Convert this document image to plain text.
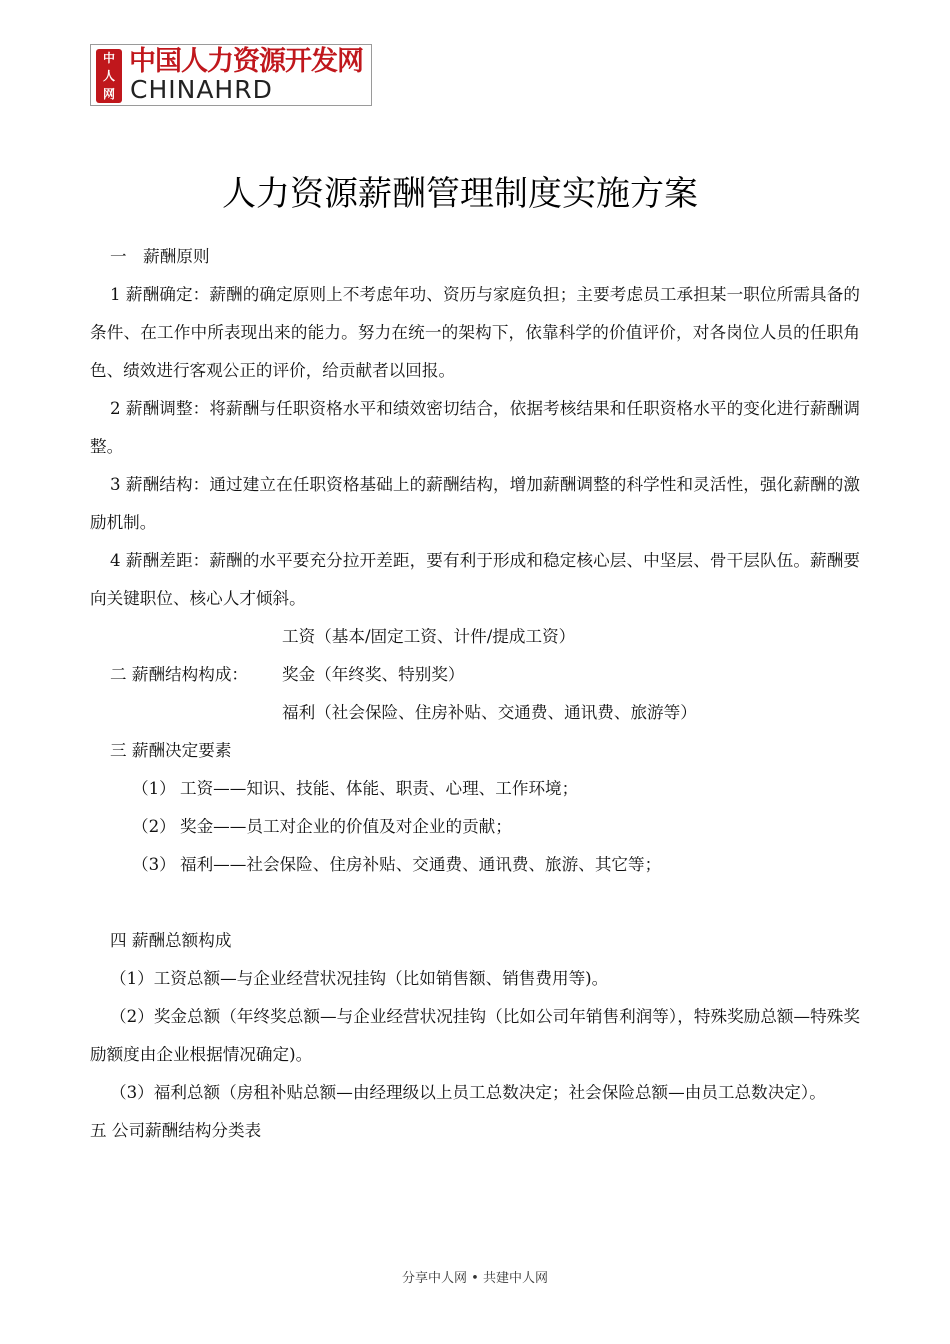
中
人
网
中国人力资源开发网
CHINAHRD
人力资源薪酬管理制度实施方案

一　薪酬原则

1 薪酬确定：薪酬的确定原则上不考虑年功、资历与家庭负担；主要考虑员工承担某一职位所需具备的条件、在工作中所表现出来的能力。努力在统一的架构下，依靠科学的价值评价，对各岗位人员的任职角色、绩效进行客观公正的评价，给贡献者以回报。

2 薪酬调整：将薪酬与任职资格水平和绩效密切结合，依据考核结果和任职资格水平的变化进行薪酬调整。

3 薪酬结构：通过建立在任职资格基础上的薪酬结构，增加薪酬调整的科学性和灵活性，强化薪酬的激励机制。

4 薪酬差距：薪酬的水平要充分拉开差距，要有利于形成和稳定核心层、中坚层、骨干层队伍。薪酬要向关键职位、核心人才倾斜。

二 薪酬结构构成：
工资（基本/固定工资、计件/提成工资）
奖金（年终奖、特别奖）
福利（社会保险、住房补贴、交通费、通讯费、旅游等）

三 薪酬决定要素

（1） 工资——知识、技能、体能、职责、心理、工作环境；
（2） 奖金——员工对企业的价值及对企业的贡献；
（3） 福利——社会保险、住房补贴、交通费、通讯费、旅游、其它等；

四 薪酬总额构成

（1）工资总额—与企业经营状况挂钩（比如销售额、销售费用等)。

（2）奖金总额（年终奖总额—与企业经营状况挂钩（比如公司年销售利润等），特殊奖励总额—特殊奖励额度由企业根据情况确定)。

（3）福利总额（房租补贴总额—由经理级以上员工总数决定；社会保险总额—由员工总数决定）。

五 公司薪酬结构分类表

分享中人网 • 共建中人网
